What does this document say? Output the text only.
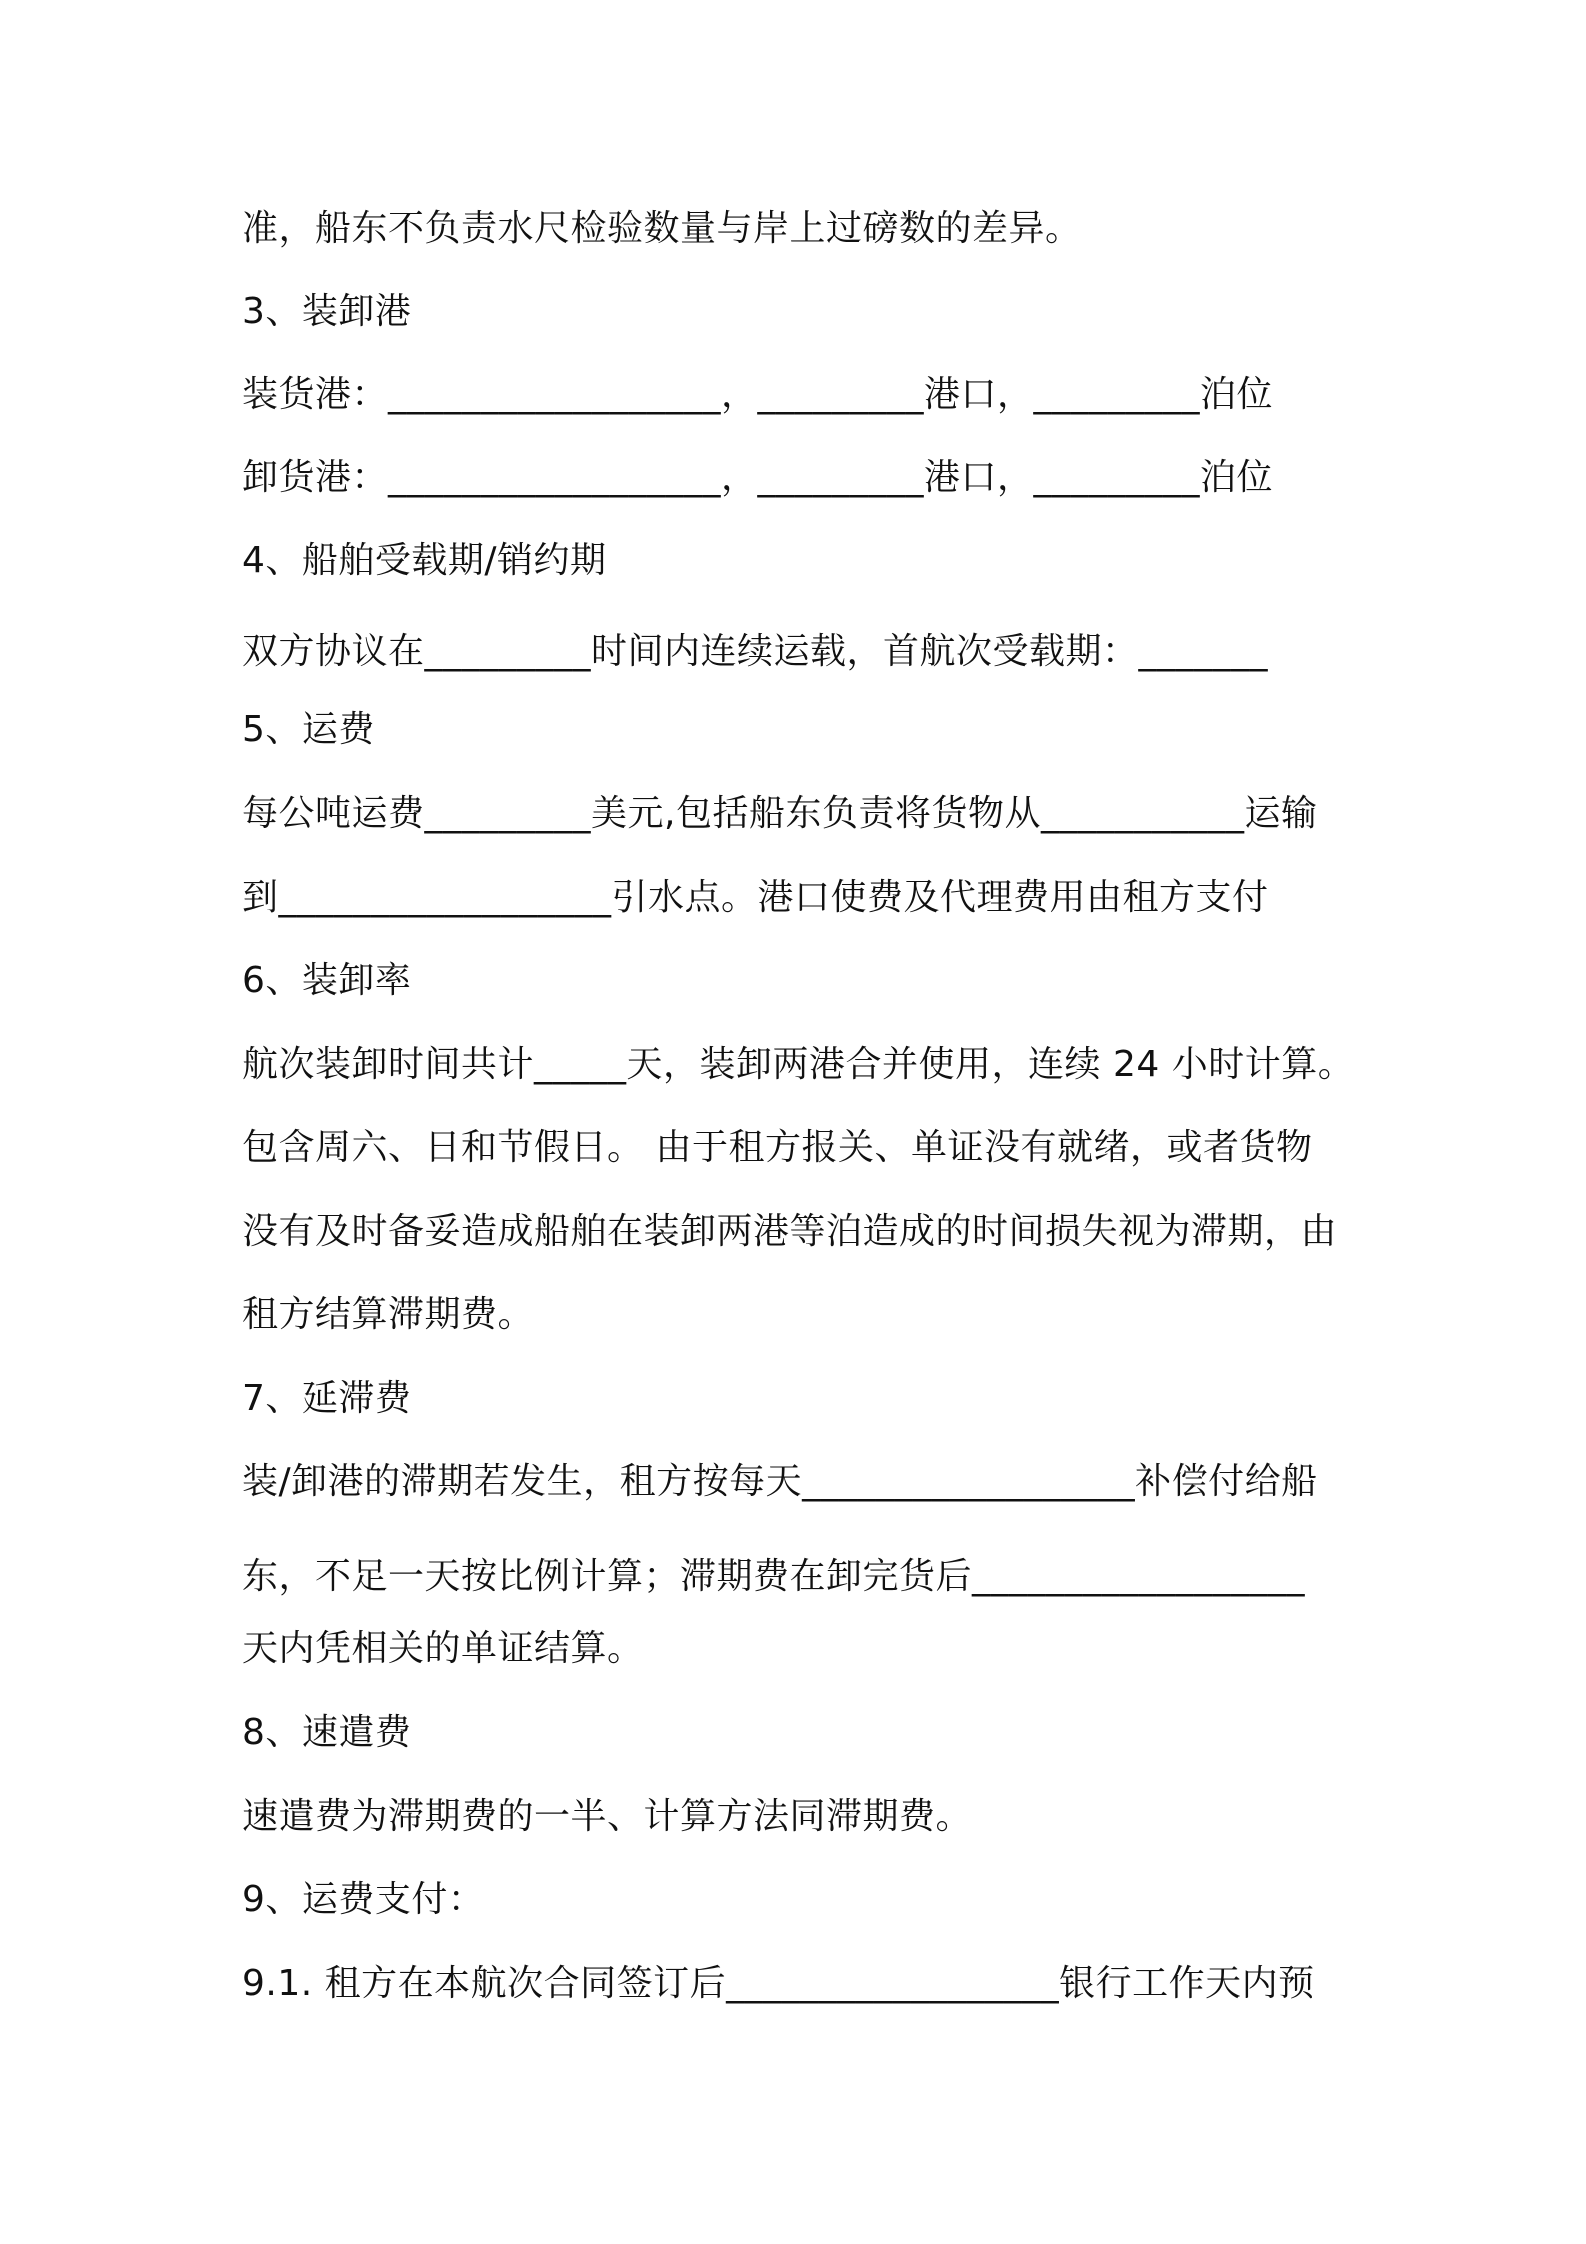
准，船东不负责水尺检验数量与岸上过磅数的差异。

3、装卸港

装货港：__________________，_________港口，_________泊位

卸货港：__________________，_________港口，_________泊位

4、船舶受载期/销约期

双方协议在_________时间内连续运载，首航次受载期：_______

5、运费

每公吨运费_________美元,包括船东负责将货物从___________运输

到__________________引水点。港口使费及代理费用由租方支付

6、装卸率

航次装卸时间共计_____天，装卸两港合并使用，连续 24 小时计算。

包含周六、日和节假日。 由于租方报关、单证没有就绪，或者货物

没有及时备妥造成船舶在装卸两港等泊造成的时间损失视为滞期，由

租方结算滞期费。

7、延滞费

装/卸港的滞期若发生，租方按每天__________________补偿付给船

东，不足一天按比例计算；滞期费在卸完货后__________________

天内凭相关的单证结算。

8、速遣费

速遣费为滞期费的一半、计算方法同滞期费。

9、运费支付：

9.1. 租方在本航次合同签订后__________________银行工作天内预
